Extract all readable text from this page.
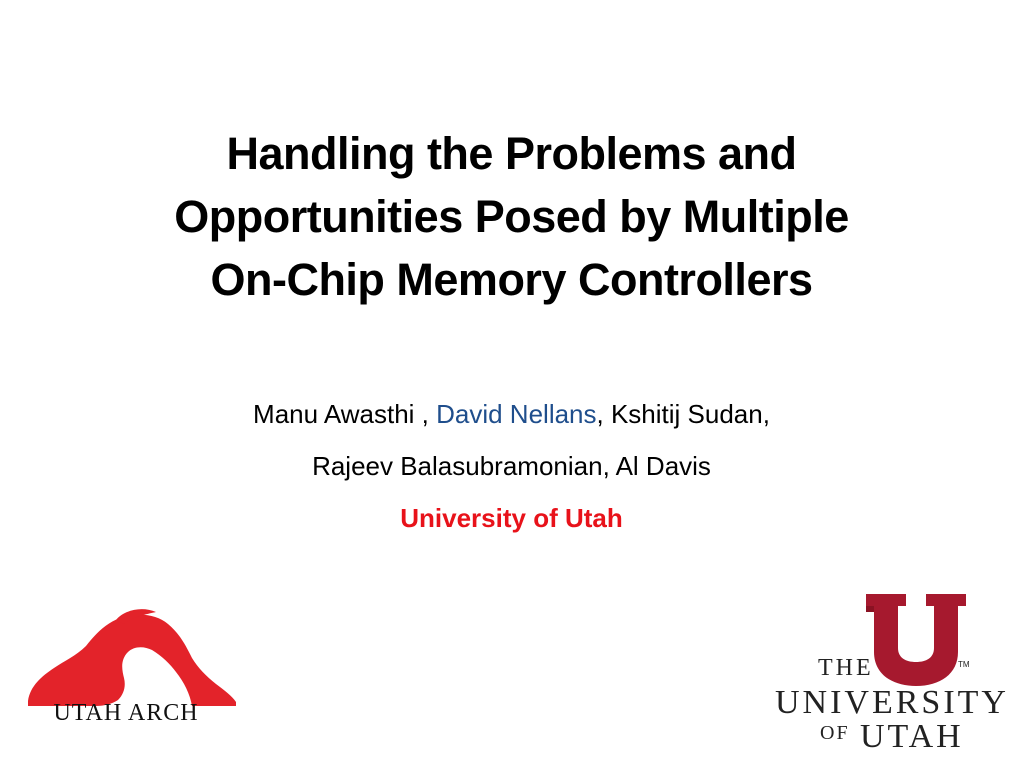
Handling the Problems and
Opportunities Posed by Multiple
On-Chip Memory Controllers
Manu Awasthi , David Nellans, Kshitij Sudan,
Rajeev Balasubramonian, Al Davis
University of Utah
UTAH ARCH
THE	TM
UNIVERSITY
OF UTAH
